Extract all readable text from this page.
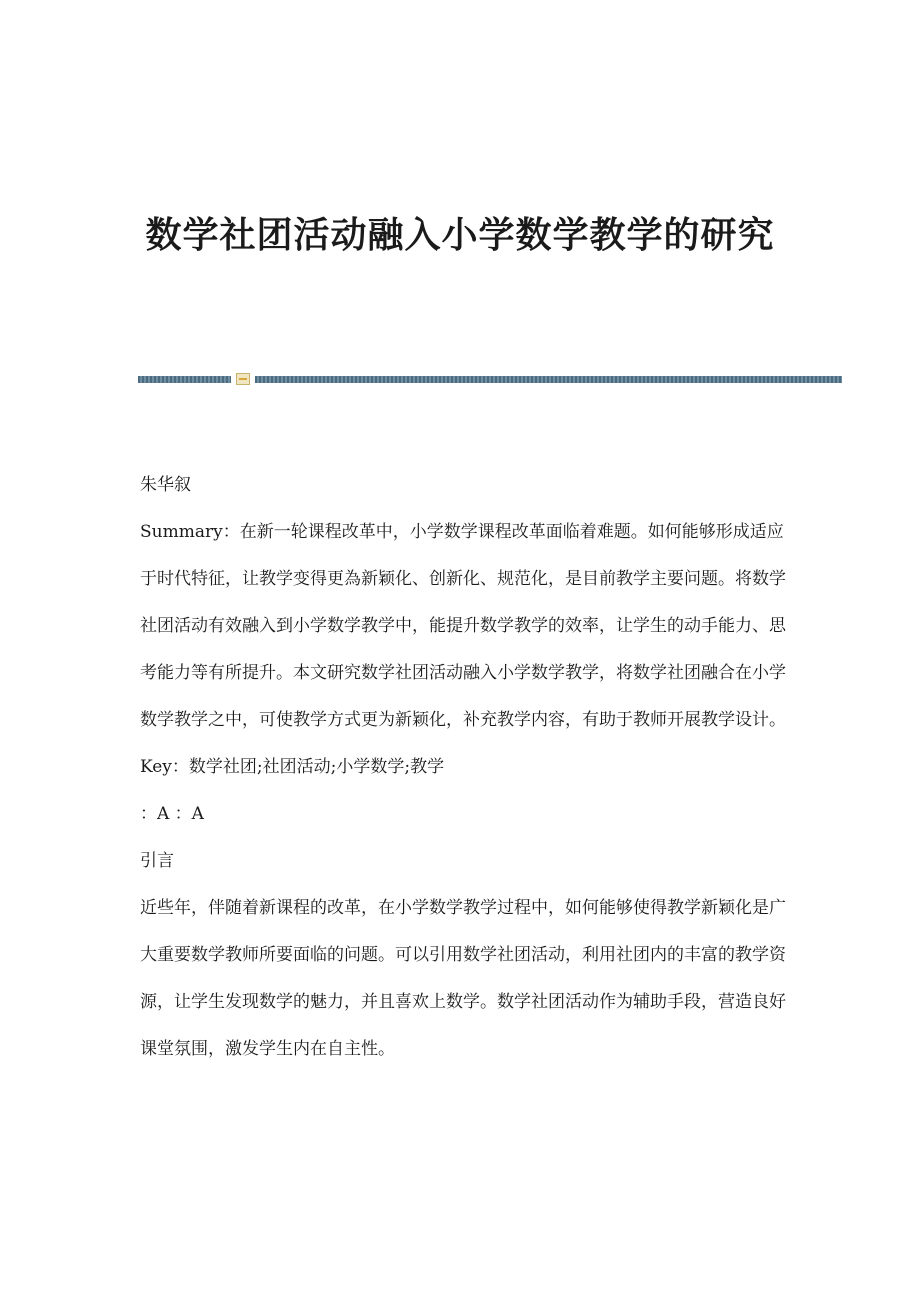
数学社团活动融入小学数学教学的研究

朱华叙

Summary：在新一轮课程改革中，小学数学课程改革面临着难题。如何能够形成适应于时代特征，让教学变得更為新颖化、创新化、规范化，是目前教学主要问题。将数学社团活动有效融入到小学数学教学中，能提升数学教学的效率，让学生的动手能力、思考能力等有所提升。本文研究数学社团活动融入小学数学教学，将数学社团融合在小学数学教学之中，可使教学方式更为新颖化，补充教学内容，有助于教师开展教学设计。

Key：数学社团;社团活动;小学数学;教学

：A ：A

引言

近些年，伴随着新课程的改革，在小学数学教学过程中，如何能够使得教学新颖化是广大重要数学教师所要面临的问题。可以引用数学社团活动，利用社团内的丰富的教学资源，让学生发现数学的魅力，并且喜欢上数学。数学社团活动作为辅助手段，营造良好课堂氛围，激发学生内在自主性。
